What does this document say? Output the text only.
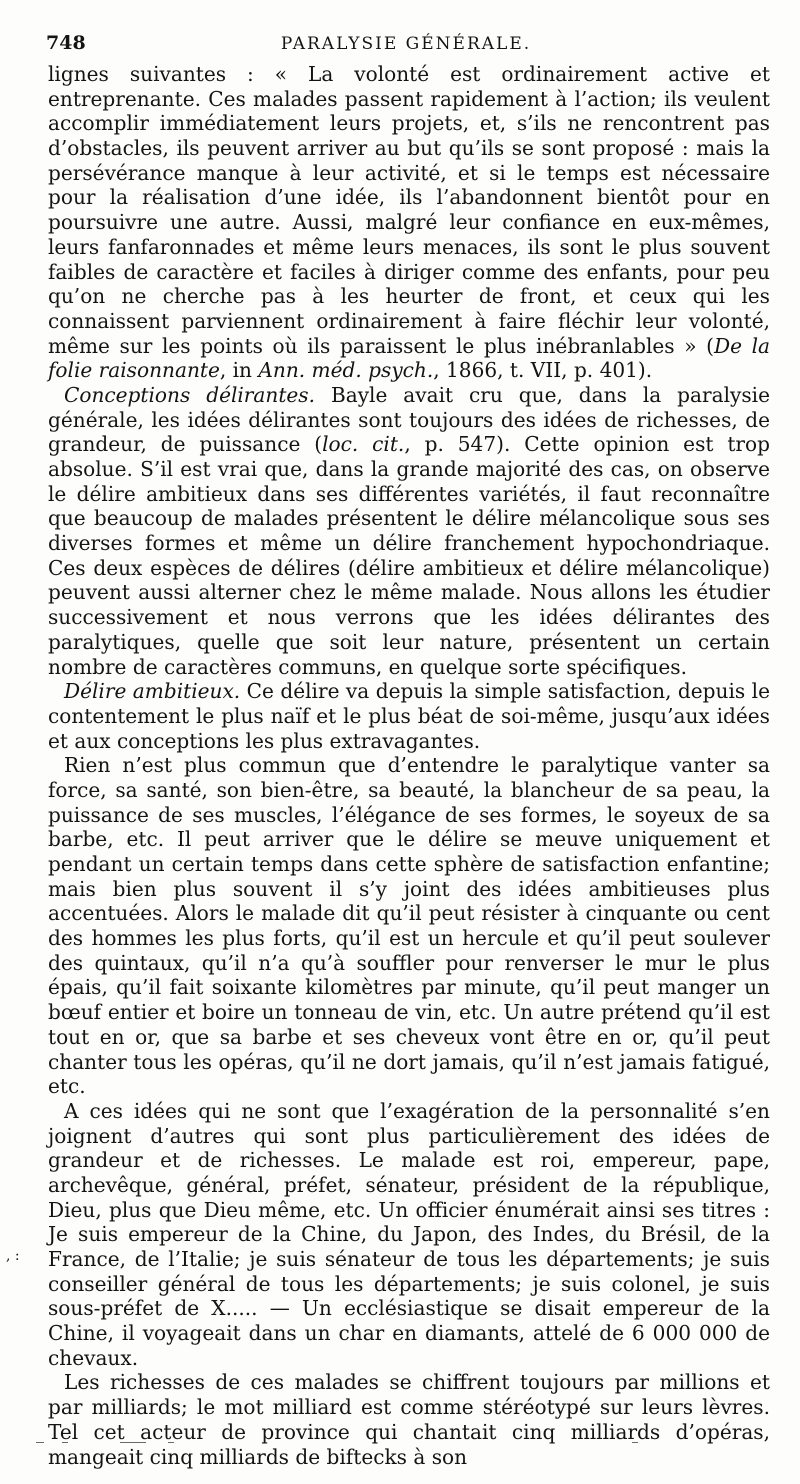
748	PARALYSIE GÉNÉRALE.

lignes suivantes : « La volonté est ordinairement active et entreprenante. Ces malades passent rapidement à l’action; ils veulent accomplir immédiatement leurs projets, et, s’ils ne rencontrent pas d’obstacles, ils peuvent arriver au but qu’ils se sont proposé : mais la persévérance manque à leur activité, et si le temps est nécessaire pour la réalisation d’une idée, ils l’abandonnent bientôt pour en poursuivre une autre. Aussi, malgré leur confiance en eux-mêmes, leurs fanfaronnades et même leurs menaces, ils sont le plus souvent faibles de caractère et faciles à diriger comme des enfants, pour peu qu’on ne cherche pas à les heurter de front, et ceux qui les connaissent parviennent ordinairement à faire fléchir leur volonté, même sur les points où ils paraissent le plus inébranlables » (De la folie raisonnante, in Ann. méd. psych., 1866, t. VII, p. 401).

Conceptions délirantes. Bayle avait cru que, dans la paralysie générale, les idées délirantes sont toujours des idées de richesses, de grandeur, de puissance (loc. cit., p. 547). Cette opinion est trop absolue. S’il est vrai que, dans la grande majorité des cas, on observe le délire ambitieux dans ses différentes variétés, il faut reconnaître que beaucoup de malades présentent le délire mélancolique sous ses diverses formes et même un délire franchement hypochondriaque. Ces deux espèces de délires (délire ambitieux et délire mélancolique) peuvent aussi alterner chez le même malade. Nous allons les étudier successivement et nous verrons que les idées délirantes des paralytiques, quelle que soit leur nature, présentent un certain nombre de caractères communs, en quelque sorte spécifiques.

Délire ambitieux. Ce délire va depuis la simple satisfaction, depuis le contentement le plus naïf et le plus béat de soi-même, jusqu’aux idées et aux conceptions les plus extravagantes.

Rien n’est plus commun que d’entendre le paralytique vanter sa force, sa santé, son bien-être, sa beauté, la blancheur de sa peau, la puissance de ses muscles, l’élégance de ses formes, le soyeux de sa barbe, etc. Il peut arriver que le délire se meuve uniquement et pendant un certain temps dans cette sphère de satisfaction enfantine; mais bien plus souvent il s’y joint des idées ambitieuses plus accentuées. Alors le malade dit qu’il peut résister à cinquante ou cent des hommes les plus forts, qu’il est un hercule et qu’il peut soulever des quintaux, qu’il n’a qu’à souffler pour renverser le mur le plus épais, qu’il fait soixante kilomètres par minute, qu’il peut manger un bœuf entier et boire un tonneau de vin, etc. Un autre prétend qu’il est tout en or, que sa barbe et ses cheveux vont être en or, qu’il peut chanter tous les opéras, qu’il ne dort jamais, qu’il n’est jamais fatigué, etc.

A ces idées qui ne sont que l’exagération de la personnalité s’en joignent d’autres qui sont plus particulièrement des idées de grandeur et de richesses. Le malade est roi, empereur, pape, archevêque, général, préfet, sénateur, président de la république, Dieu, plus que Dieu même, etc. Un officier énumérait ainsi ses titres : Je suis empereur de la Chine, du Japon, des Indes, du Brésil, de la France, de l’Italie; je suis sénateur de tous les départements; je suis conseiller général de tous les départements; je suis colonel, je suis sous-préfet de X..... — Un ecclésiastique se disait empereur de la Chine, il voyageait dans un char en diamants, attelé de 6 000 000 de chevaux.

Les richesses de ces malades se chiffrent toujours par millions et par milliards; le mot milliard est comme stéréotypé sur leurs lèvres. Tel cet acteur de province qui chantait cinq milliards d’opéras, mangeait cinq milliards de biftecks à son

, :
